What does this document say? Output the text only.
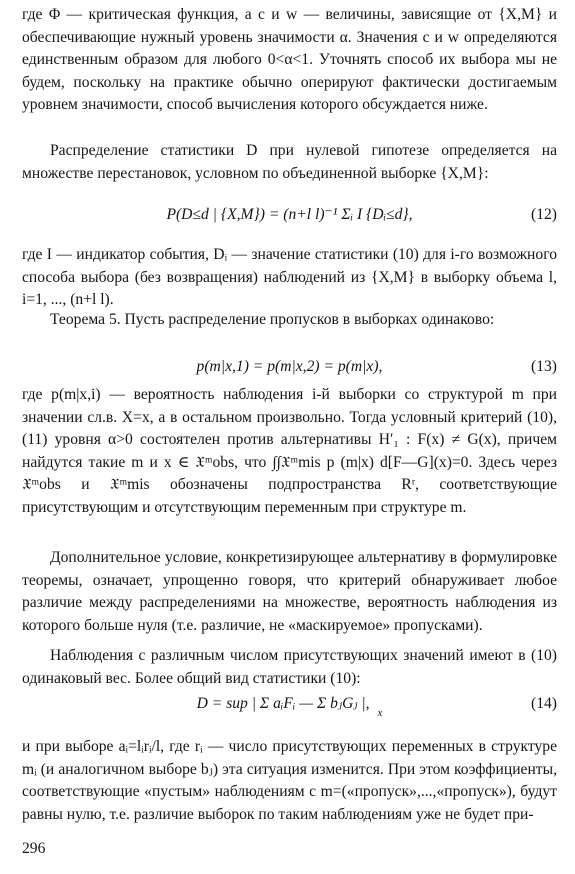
где Φ — критическая функция, а c и w — величины, зависящие от {X,M} и обеспечивающие нужный уровень значимости α. Значения c и w определяются единственным образом для любого 0<α<1. Уточнять способ их выбора мы не будем, поскольку на практике обычно оперируют фактически достигаемым уровнем значимости, способ вычисления которого обсуждается ниже.

Распределение статистики D при нулевой гипотезе определяется на множестве перестановок, условном по объединенной выборке {X,M}:

P(D≤d | {X,M}) = (n+l l)⁻¹ Σᵢ I {Dᵢ≤d},	(12)

где I — индикатор события, Dᵢ — значение статистики (10) для i-го возможного способа выбора (без возвращения) наблюдений из {X,M} в выборку объема l, i=1, ..., (n+l l).

Теорема 5. Пусть распределение пропусков в выборках одинаково:

p(m|x,1) = p(m|x,2) = p(m|x),	(13)

где p(m|x,i) — вероятность наблюдения i-й выборки со структурой m при значении сл.в. X=x, а в остальном произвольно. Тогда условный критерий (10), (11) уровня α>0 состоятелен против альтернативы H′₁ : F(x) ≠ G(x), причем найдутся такие m и x ∈ 𝔛ᵐobs, что ∫∫𝔛ᵐmis p (m|x) d[F—G](x)=0. Здесь через 𝔛ᵐobs и 𝔛ᵐmis обозначены подпространства Rʳ, соответствующие присутствующим и отсутствующим переменным при структуре m.

Дополнительное условие, конкретизирующее альтернативу в формулировке теоремы, означает, упрощенно говоря, что критерий обнаруживает любое различие между распределениями на множестве, вероятность наблюдения из которого больше нуля (т.е. различие, не «маскируемое» пропусками).

Наблюдения с различным числом присутствующих значений имеют в (10) одинаковый вес. Более общий вид статистики (10):

D = sup | Σ aᵢFᵢ — Σ bⱼGⱼ |, $_x$
(14)

и при выборе aᵢ=lᵢrᵢ/l, где rᵢ — число присутствующих переменных в структуре mᵢ (и аналогичном выборе bⱼ) эта ситуация изменится. При этом коэффициенты, соответствующие «пустым» наблюдениям с m=(«пропуск»,...,«пропуск»), будут равны нулю, т.е. различие выборок по таким наблюдениям уже не будет при-

296
